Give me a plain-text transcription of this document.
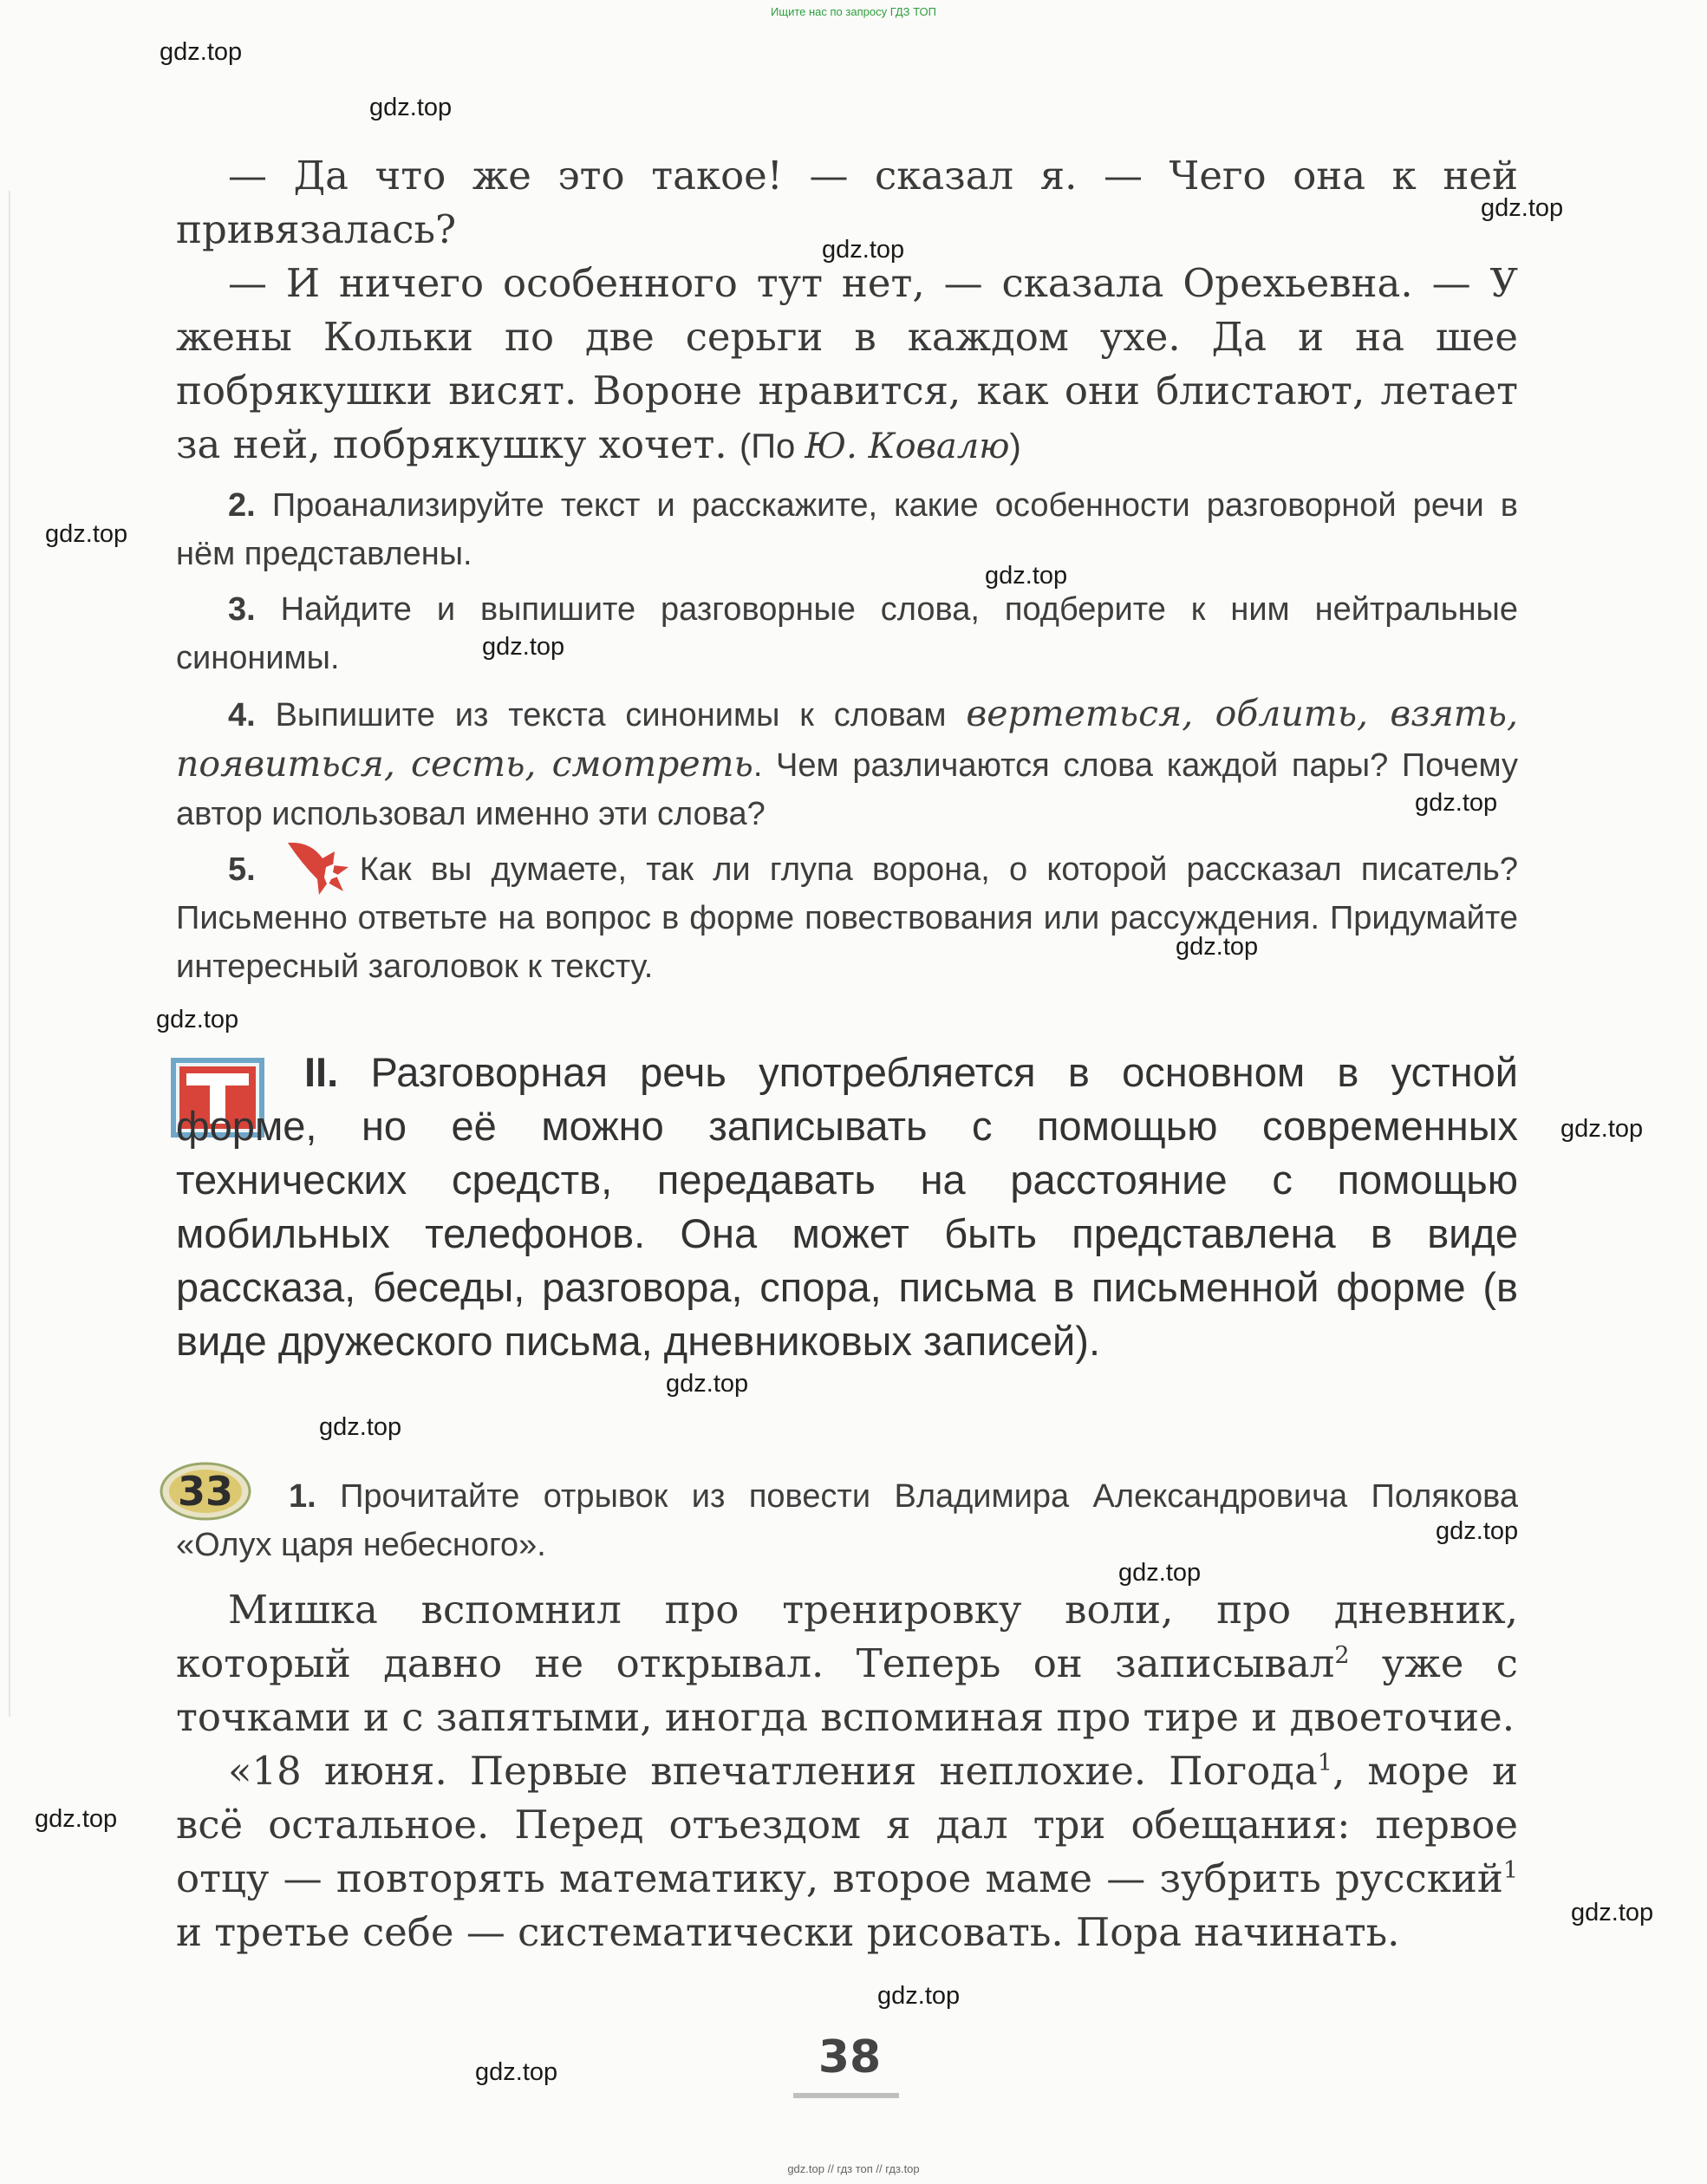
Ищите нас по запросу ГДЗ ТОП
gdz.top
gdz.top
gdz.top
gdz.top
gdz.top
gdz.top
gdz.top
gdz.top
gdz.top
gdz.top
gdz.top
gdz.top
gdz.top
gdz.top
gdz.top
gdz.top
gdz.top
gdz.top
gdz.top

— Да что же это такое! — сказал я. — Чего она к ней привязалась?

— И ничего особенного тут нет, — сказала Орехьевна. — У жены Кольки по две серьги в каждом ухе. Да и на шее побрякушки висят. Вороне нравится, как они блистают, летает за ней, побрякушку хочет. (По Ю. Ковалю)

2. Проанализируйте текст и расскажите, какие особенности разговорной речи в нём представлены.

3. Найдите и выпишите разговорные слова, подберите к ним нейтральные синонимы.

4. Выпишите из текста синонимы к словам вертеться, облить, взять, появиться, сесть, смотреть. Чем различаются слова каждой пары? Почему автор использовал именно эти слова?

5.	Как вы думаете, так ли глупа ворона, о которой рассказал писатель? Письменно ответьте на вопрос в форме повествования или рассуждения. Придумайте интересный заголовок к тексту.

II. Разговорная речь употребляется в основном в устной форме, но её можно записывать с помощью современных технических средств, передавать на расстояние с помощью мобильных телефонов. Она может быть представлена в виде рассказа, беседы, разговора, спора, письма в письменной форме (в виде дружеского письма, дневниковых записей).

33	1. Прочитайте отрывок из повести Владимира Александровича Полякова «Олух царя небесного».

Мишка вспомнил про тренировку воли, про дневник, который давно не открывал. Теперь он записывал$^2$ уже с точками и с запятыми, иногда вспоминая про тире и двоеточие.

«18 июня. Первые впечатления неплохие. Погода$^1$, море и всё остальное. Перед отъездом я дал три обещания: первое отцу — повторять математику, второе маме — зубрить русский$^1$ и третье себе — систематически рисовать. Пора начинать.

38
gdz.top // гдз топ // гдз.top
